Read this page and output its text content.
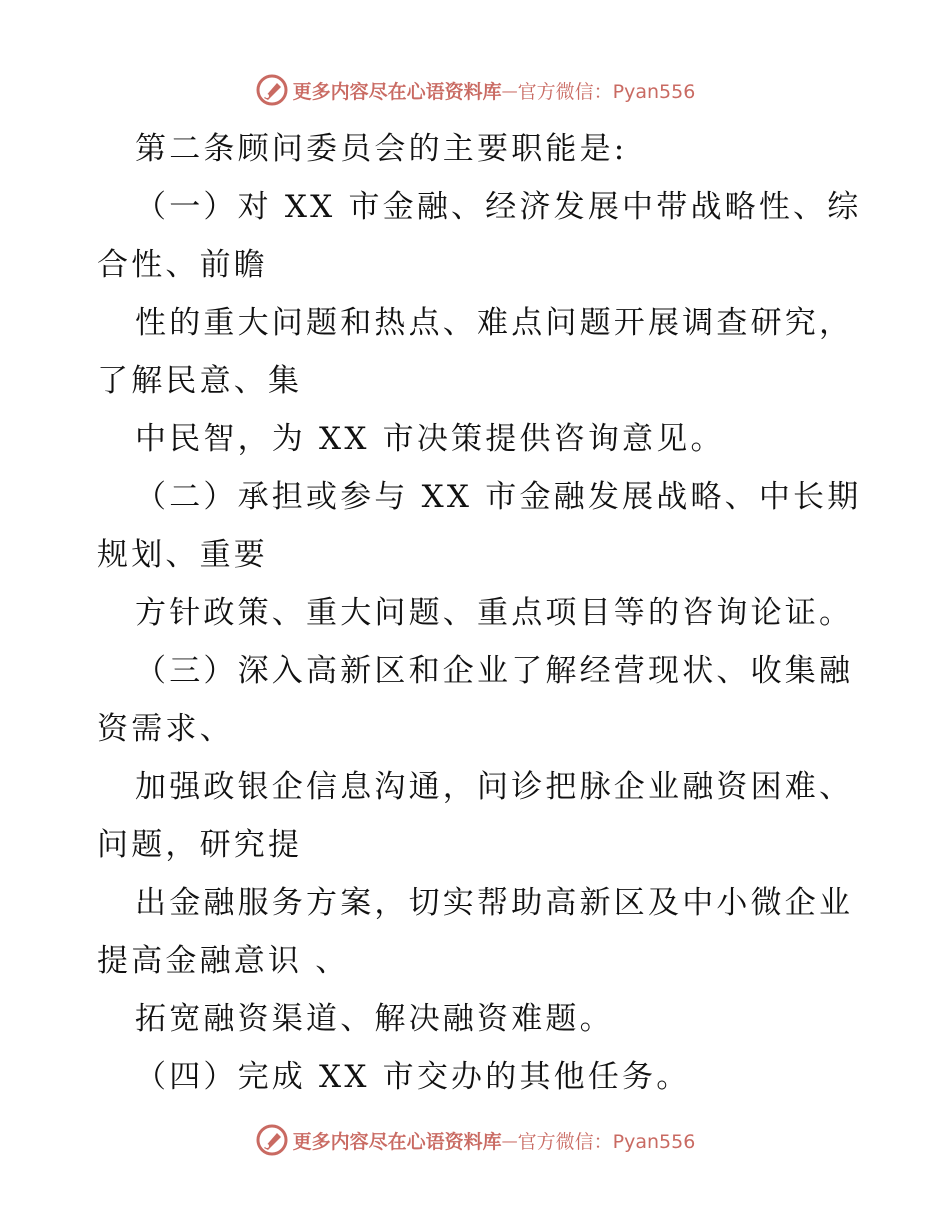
更多内容尽在心语资料库 — 官方微信：Pyan556
第二条顾问委员会的主要职能是:
（一）对 XX 市金融、经济发展中带战略性、综
合性、前瞻
性的重大问题和热点、难点问题开展调查研究，
了解民意、集
中民智，为 XX 市决策提供咨询意见。
（二）承担或参与 XX 市金融发展战略、中长期
规划、重要
方针政策、重大问题、重点项目等的咨询论证。
（三）深入高新区和企业了解经营现状、收集融
资需求、
加强政银企信息沟通，问诊把脉企业融资困难、
问题，研究提
出金融服务方案，切实帮助高新区及中小微企业
提高金融意识 、
拓宽融资渠道、解决融资难题。
（四）完成 XX 市交办的其他任务。
更多内容尽在心语资料库 — 官方微信：Pyan556
